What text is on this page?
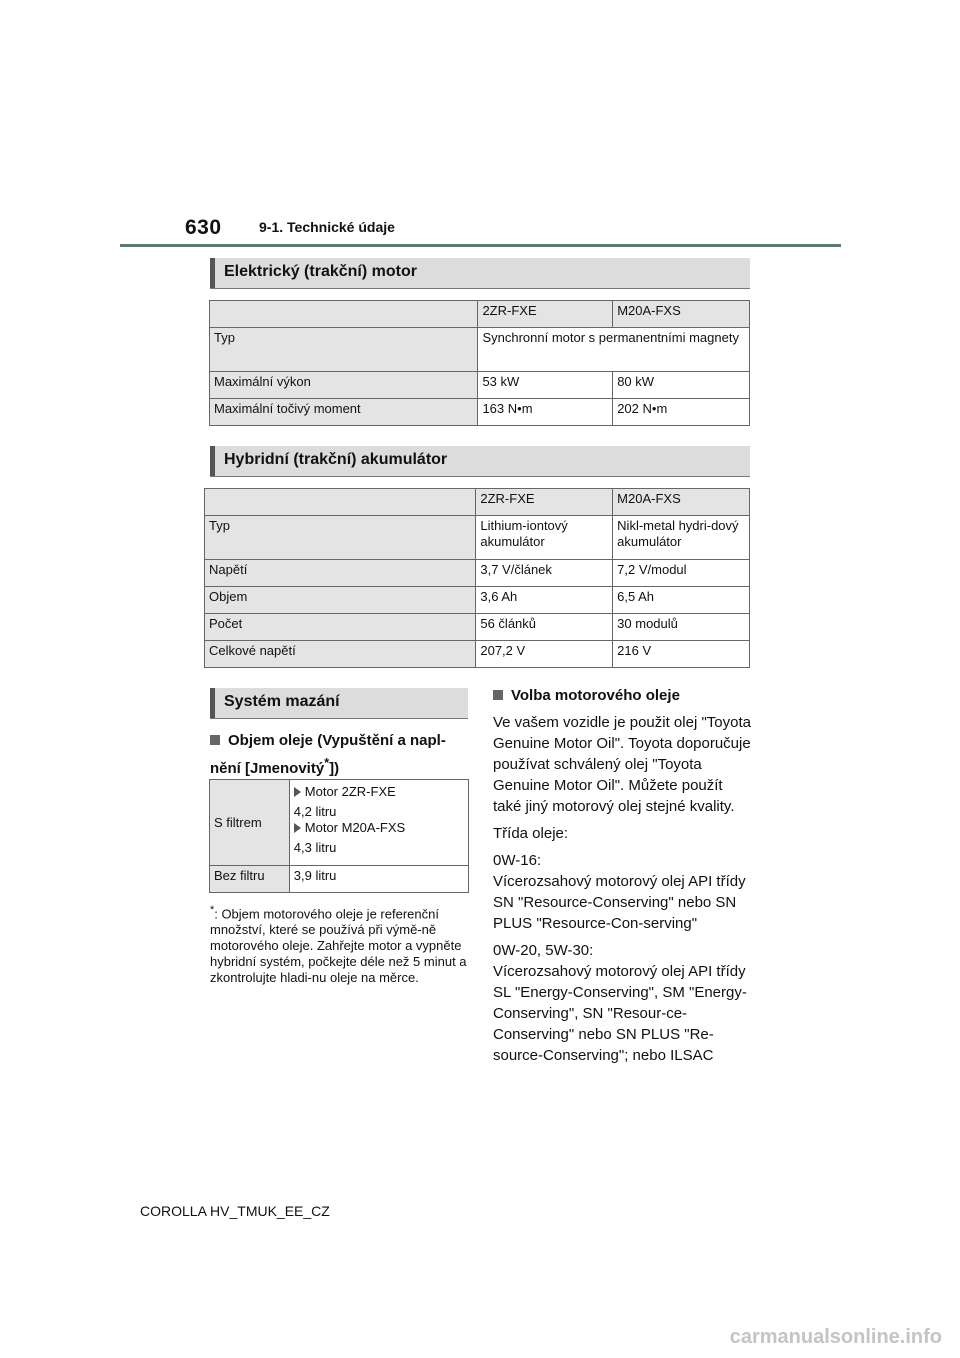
630	9-1. Technické údaje
Elektrický (trakční) motor
	2ZR-FXE	M20A-FXS
Typ	Synchronní motor s permanentními magnety	
Maximální výkon	53 kW	80 kW
Maximální točivý moment	163 N•m	202 N•m
Hybridní (trakční) akumulátor
	2ZR-FXE	M20A-FXS
Typ	Lithium-iontový akumulátor	Nikl-metal hydri-dový akumulátor
Napětí	3,7 V/článek	7,2 V/modul
Objem	3,6 Ah	6,5 Ah
Počet	56 článků	30 modulů
Celkové napětí	207,2 V	216 V
Systém mazání
Objem oleje (Vypuštění a napl-nění [Jmenovitý*])
S filtrem	Motor 2ZR-FXE
4,2 litru
Motor M20A-FXS
4,3 litru

Bez filtru	3,9 litru
*: Objem motorového oleje je referenční množství, které se používá při výmě-ně motorového oleje. Zahřejte motor a vypněte hybridní systém, počkejte déle než 5 minut a zkontrolujte hladi-nu oleje na měrce.
Volba motorového oleje
Ve vašem vozidle je použit olej "Toyota Genuine Motor Oil". Toyota doporučuje používat schválený olej "Toyota Genuine Motor Oil". Můžete použít také jiný motorový olej stejné kvality.
Třída oleje:
0W-16:
Vícerozsahový motorový olej API třídy SN "Resource-Conserving" nebo SN PLUS "Resource-Con-serving"
0W-20, 5W-30:
Vícerozsahový motorový olej API třídy SL "Energy-Conserving", SM "Energy-Conserving", SN "Resour-ce-Conserving" nebo SN PLUS "Re-source-Conserving"; nebo ILSAC
COROLLA HV_TMUK_EE_CZ
carmanualsonline.info
